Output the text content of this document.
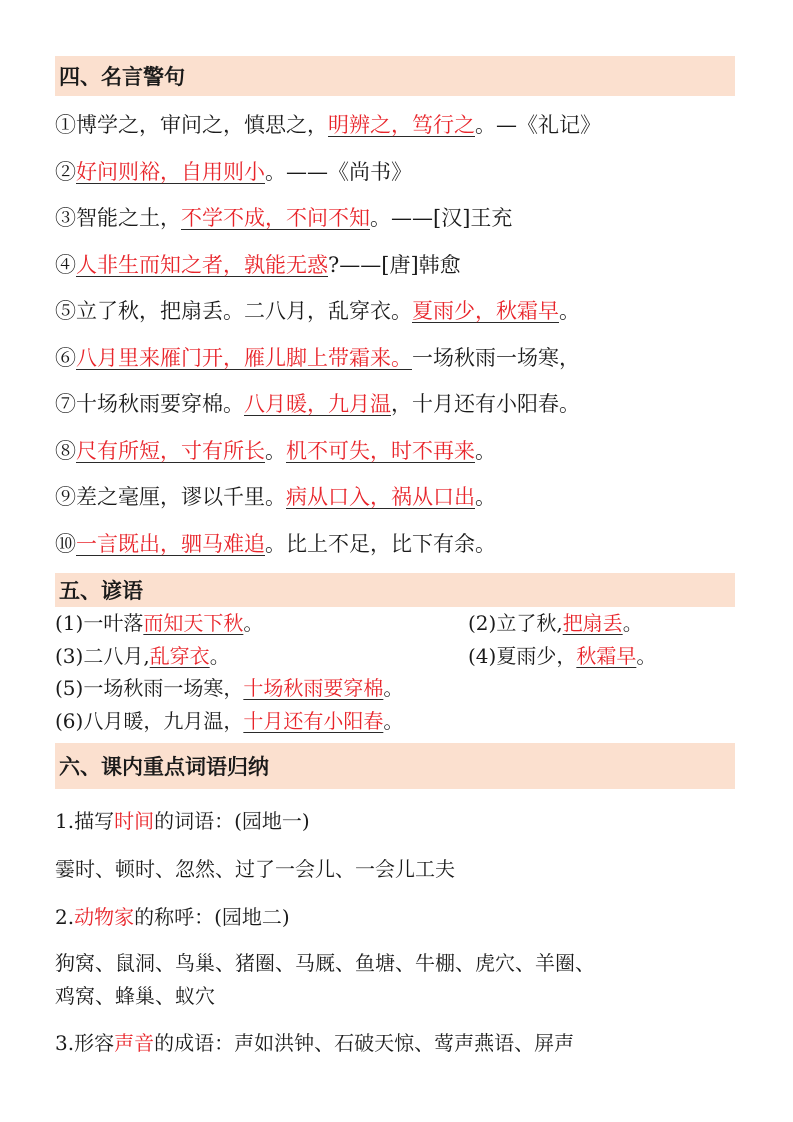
四、名言警句
①博学之，审问之，慎思之，明辨之，笃行之。—《礼记》
②好问则裕，自用则小。——《尚书》
③智能之土，不学不成，不问不知。——[汉]王充
④人非生而知之者，孰能无惑?——[唐]韩愈
⑤立了秋，把扇丢。二八月，乱穿衣。夏雨少，秋霜早。
⑥八月里来雁门开，雁儿脚上带霜来。一场秋雨一场寒，
⑦十场秋雨要穿棉。八月暖，九月温，十月还有小阳春。
⑧尺有所短，寸有所长。机不可失，时不再来。
⑨差之毫厘，谬以千里。病从口入，祸从口出。
⑩一言既出，驷马难追。比上不足，比下有余。
五、谚语
(1)一叶落而知天下秋。	(2)立了秋,把扇丢。
(3)二八月,乱穿衣。	(4)夏雨少，秋霜早。
(5)一场秋雨一场寒，十场秋雨要穿棉。
(6)八月暖，九月温，十月还有小阳春。
六、课内重点词语归纳
1.描写时间的词语：(园地一)
霎时、顿时、忽然、过了一会儿、一会儿工夫
2.动物家的称呼：(园地二)
狗窝、鼠洞、鸟巢、猪圈、马厩、鱼塘、牛棚、虎穴、羊圈、
鸡窝、蜂巢、蚁穴
3.形容声音的成语：声如洪钟、石破天惊、莺声燕语、屏声
